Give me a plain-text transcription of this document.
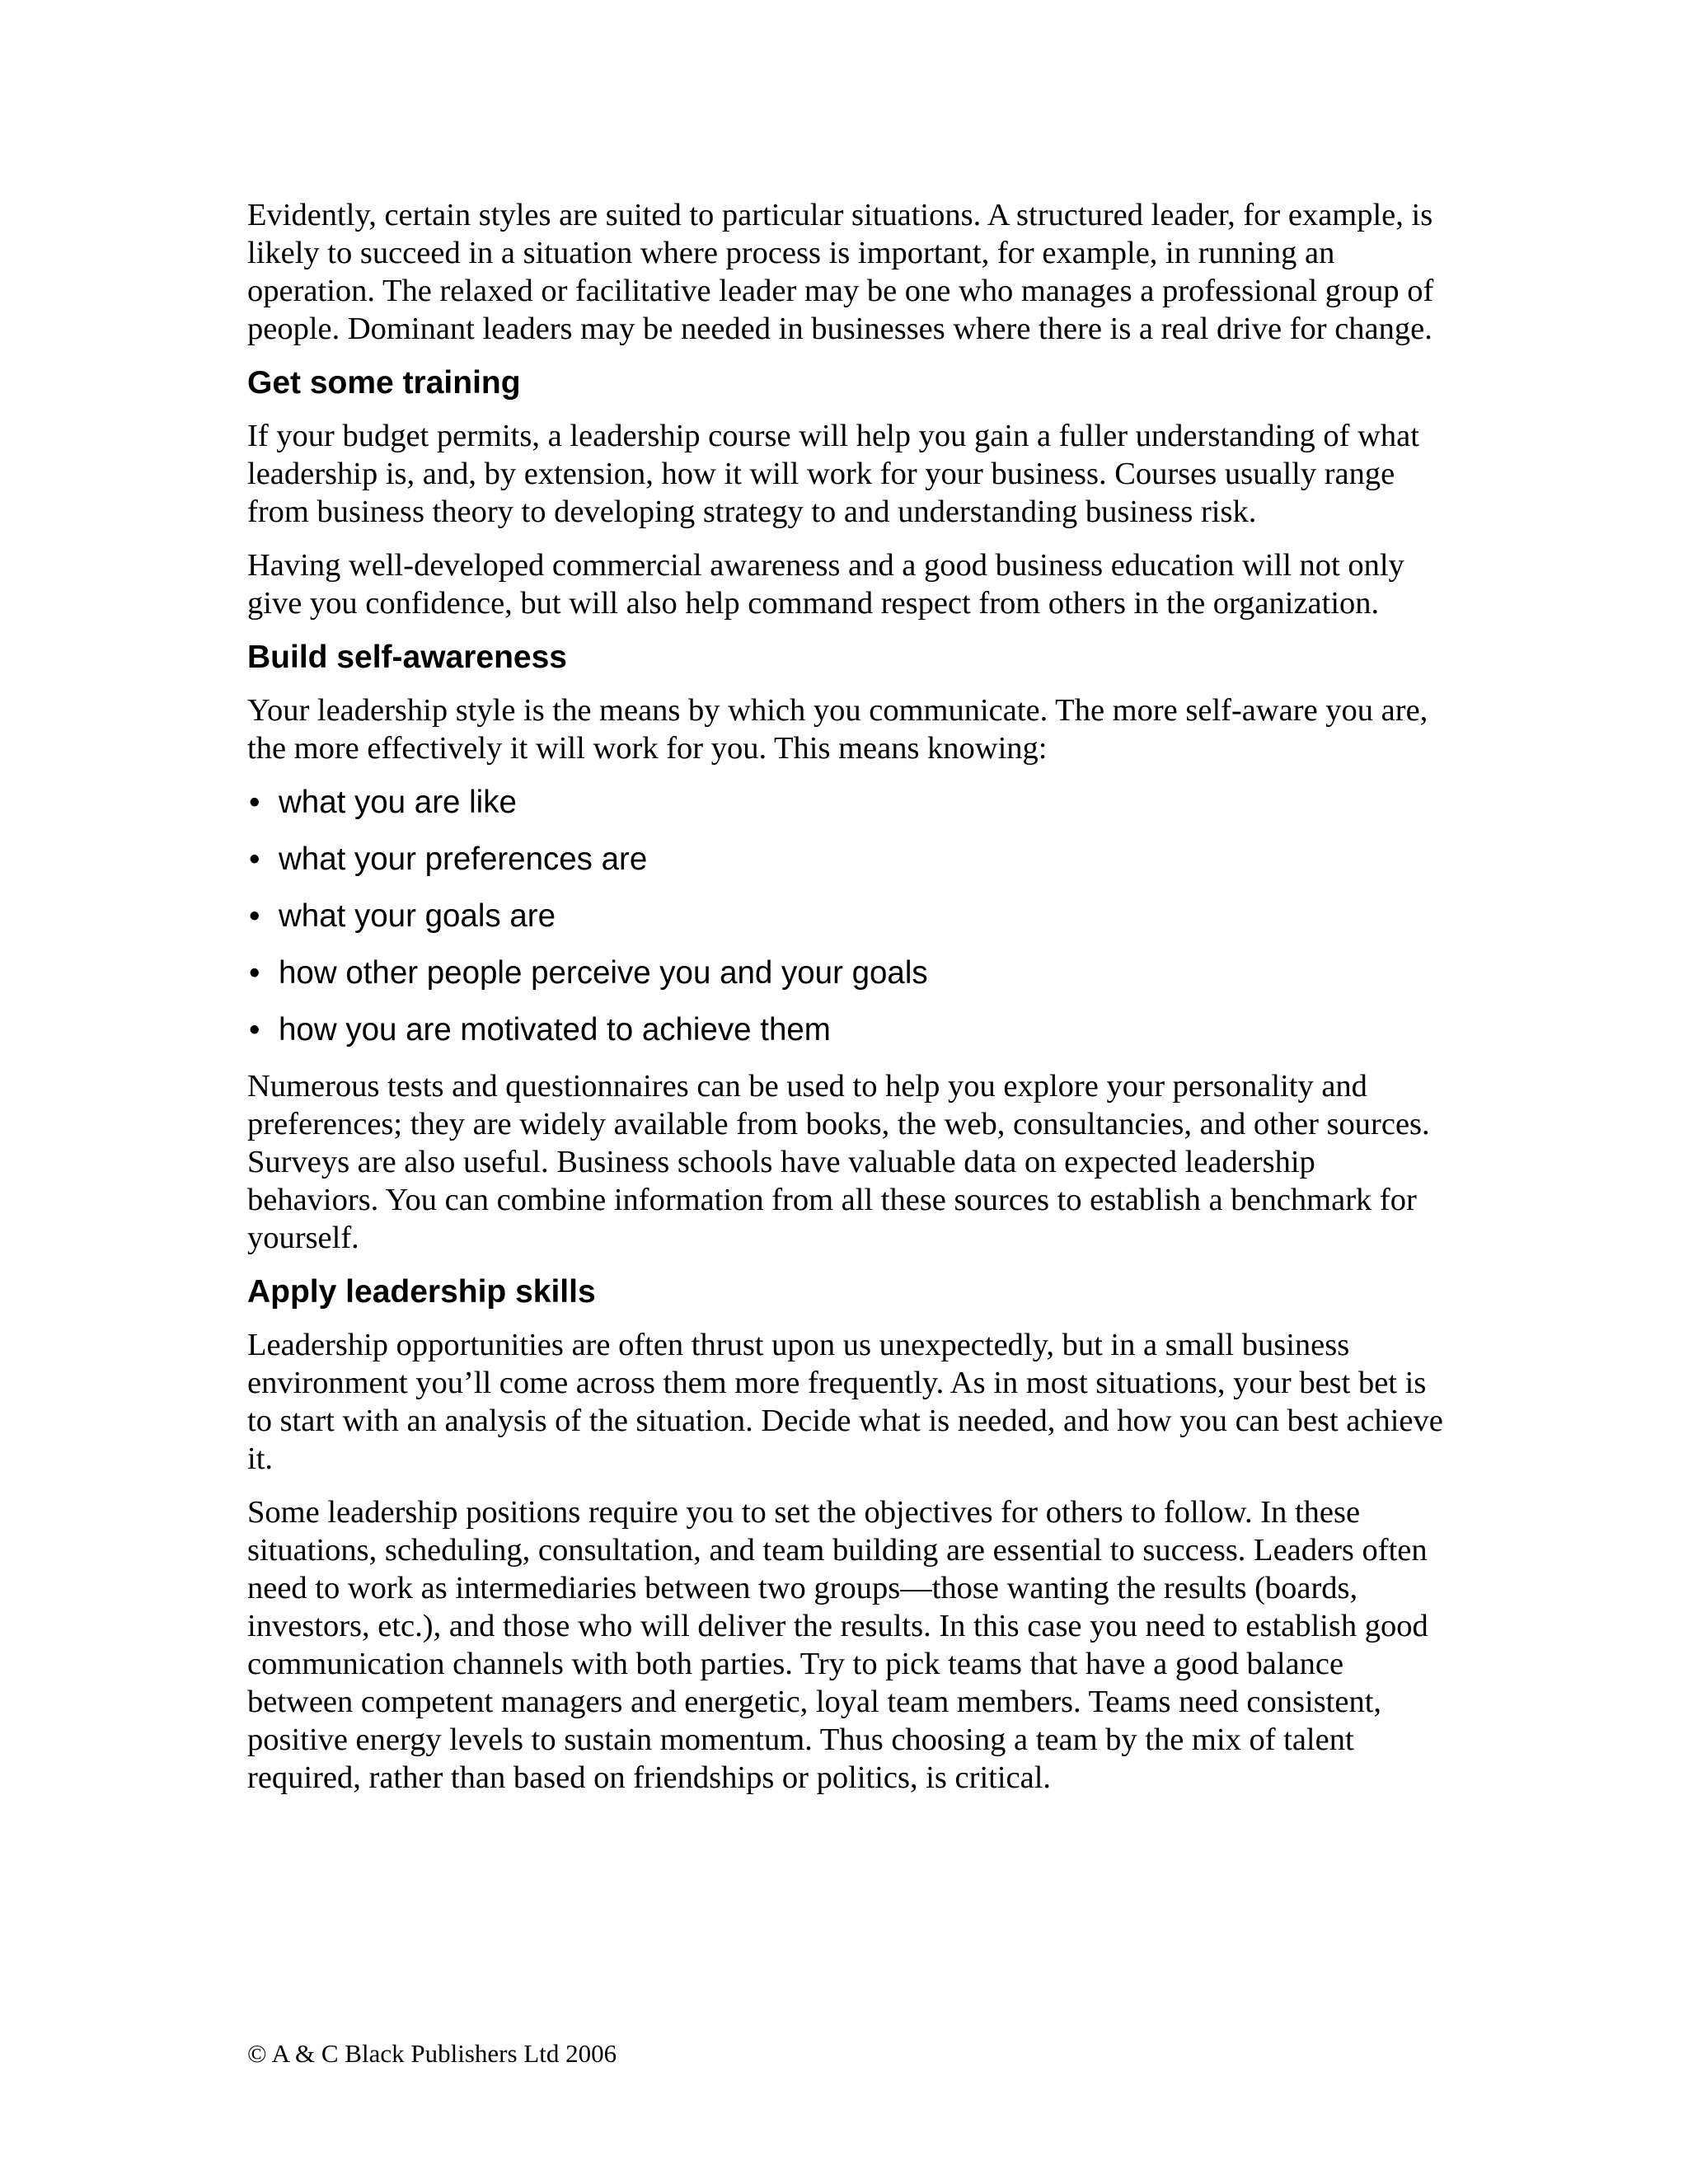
Evidently, certain styles are suited to particular situations. A structured leader, for example, is likely to succeed in a situation where process is important, for example, in running an operation. The relaxed or facilitative leader may be one who manages a professional group of people. Dominant leaders may be needed in businesses where there is a real drive for change.

Get some training

If your budget permits, a leadership course will help you gain a fuller understanding of what leadership is, and, by extension, how it will work for your business. Courses usually range from business theory to developing strategy to and understanding business risk.

Having well-developed commercial awareness and a good business education will not only give you confidence, but will also help command respect from others in the organization.

Build self-awareness

Your leadership style is the means by which you communicate. The more self-aware you are, the more effectively it will work for you. This means knowing:

• what you are like
• what your preferences are
• what your goals are
• how other people perceive you and your goals
• how you are motivated to achieve them

Numerous tests and questionnaires can be used to help you explore your personality and preferences; they are widely available from books, the web, consultancies, and other sources. Surveys are also useful. Business schools have valuable data on expected leadership behaviors. You can combine information from all these sources to establish a benchmark for yourself.

Apply leadership skills

Leadership opportunities are often thrust upon us unexpectedly, but in a small business environment you’ll come across them more frequently. As in most situations, your best bet is to start with an analysis of the situation. Decide what is needed, and how you can best achieve it.

Some leadership positions require you to set the objectives for others to follow. In these situations, scheduling, consultation, and team building are essential to success. Leaders often need to work as intermediaries between two groups—those wanting the results (boards, investors, etc.), and those who will deliver the results. In this case you need to establish good communication channels with both parties. Try to pick teams that have a good balance between competent managers and energetic, loyal team members. Teams need consistent, positive energy levels to sustain momentum. Thus choosing a team by the mix of talent required, rather than based on friendships or politics, is critical.

© A & C Black Publishers Ltd 2006
